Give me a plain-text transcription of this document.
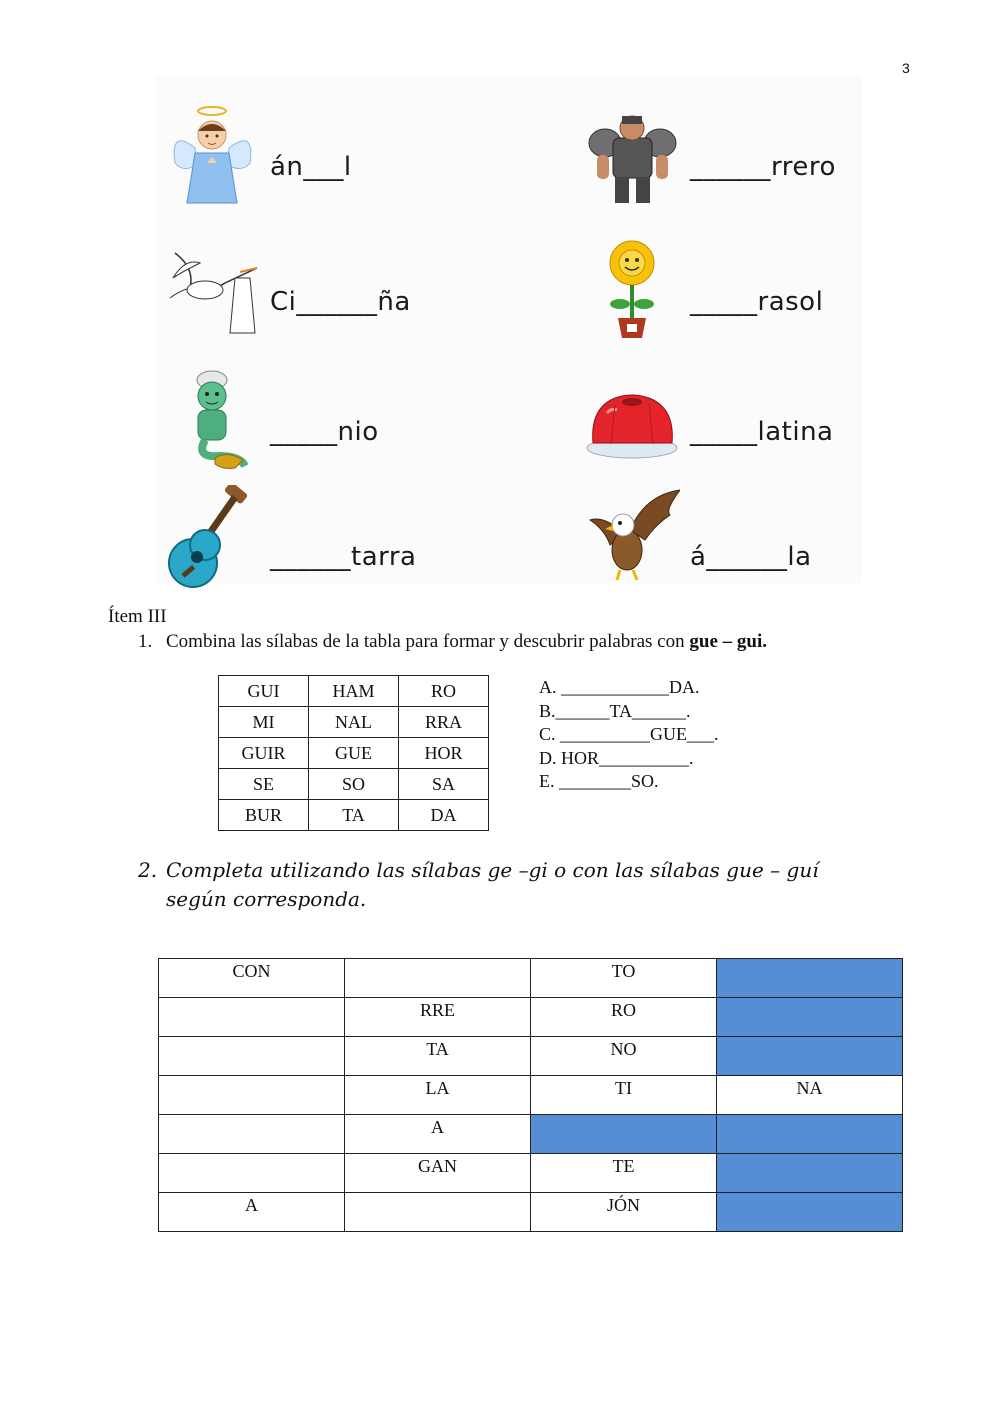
3
án___l	______rrero
Ci______ña	_____rasol
_____nio	_____latina
______tarra	á______la
Ítem III
1. Combina las sílabas de la tabla para formar y descubrir palabras con gue – gui.
GUI	HAM	RO
MI	NAL	RRA
GUIR	GUE	HOR
SE	SO	SA
BUR	TA	DA
A. ____________DA.
B.______TA______.
C. __________GUE___.
D. HOR__________.
E. ________SO.
2. Completa utilizando las sílabas ge –gi o con las sílabas gue – guí
según corresponda.
CON		TO	
	RRE	RO	
	TA	NO	
	LA	TI	NA
	A		
	GAN	TE	
A		JÓN	
